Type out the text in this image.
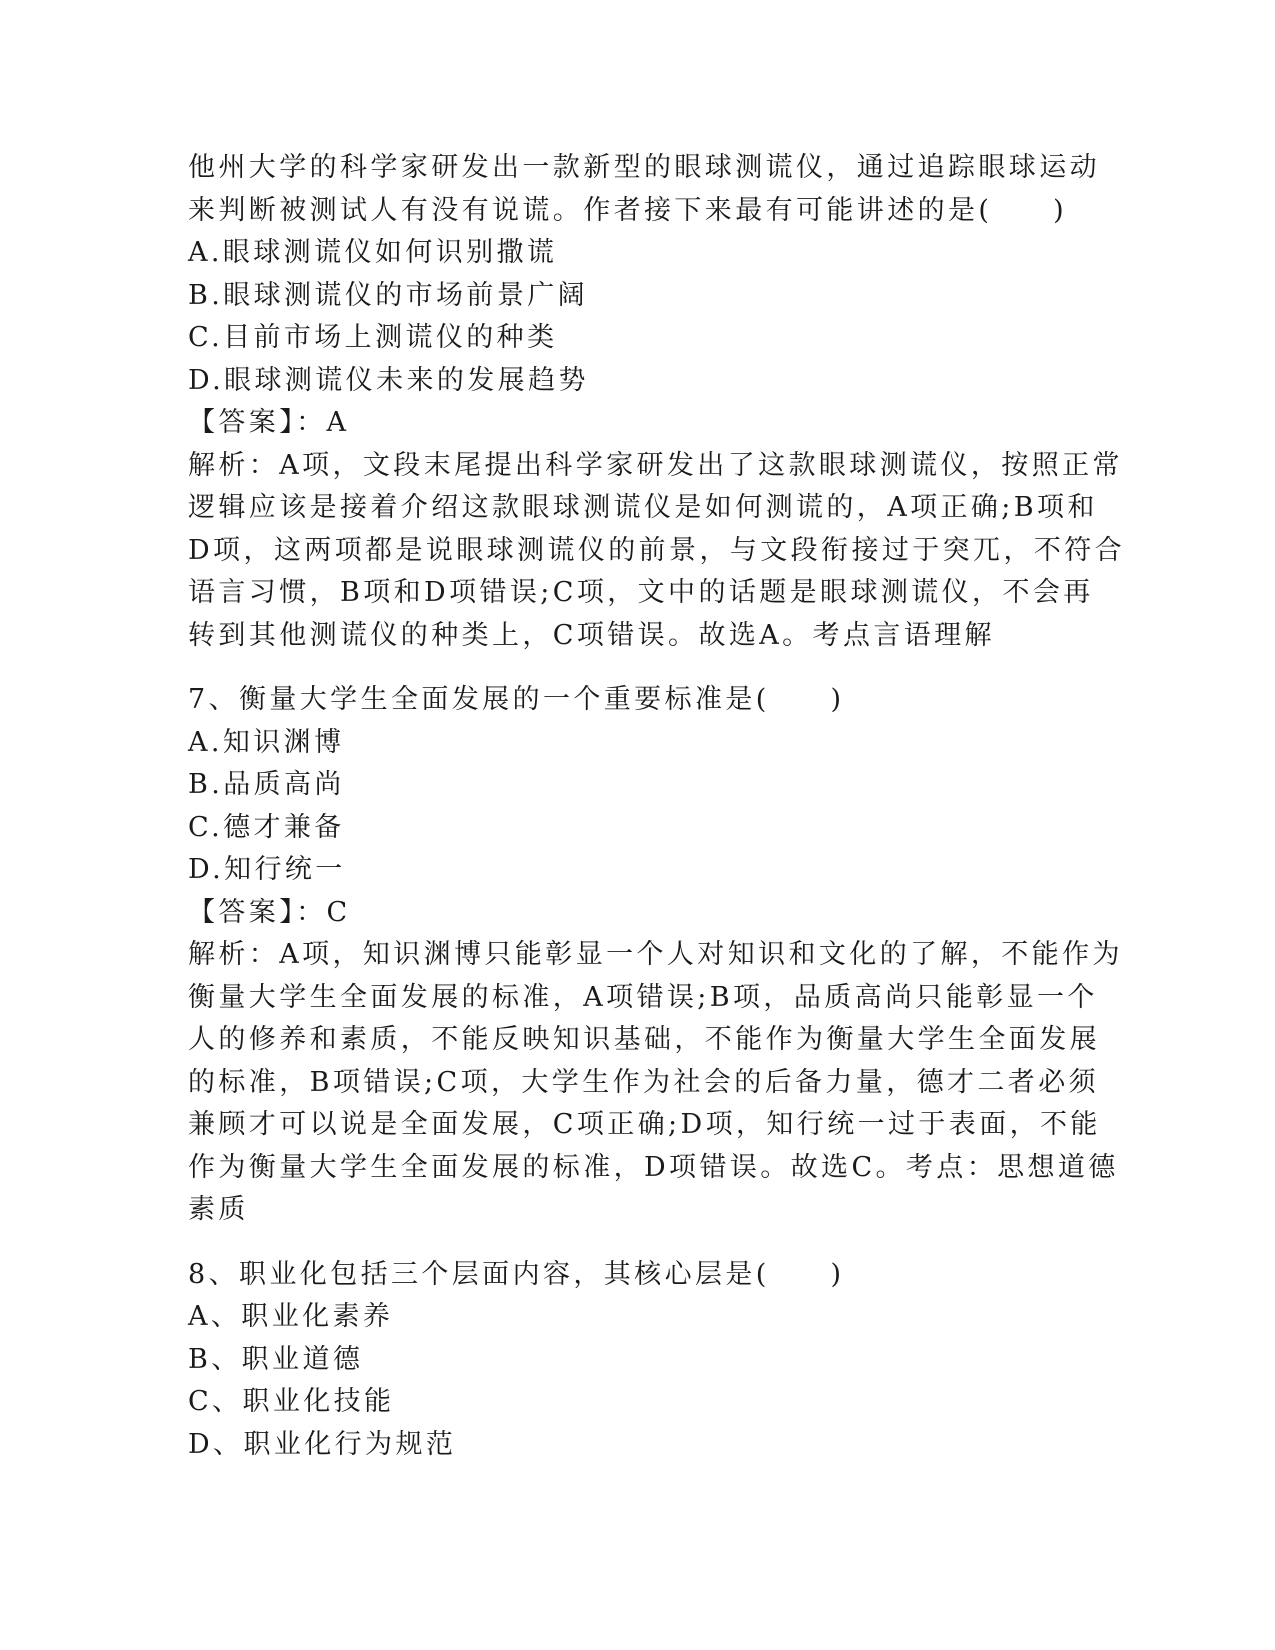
他州大学的科学家研发出一款新型的眼球测谎仪，通过追踪眼球运动
来判断被测试人有没有说谎。作者接下来最有可能讲述的是(　　)
A.眼球测谎仪如何识别撒谎
B.眼球测谎仪的市场前景广阔
C.目前市场上测谎仪的种类
D.眼球测谎仪未来的发展趋势
【答案】：A
解析：A项，文段末尾提出科学家研发出了这款眼球测谎仪，按照正常
逻辑应该是接着介绍这款眼球测谎仪是如何测谎的，A项正确;B项和
D项，这两项都是说眼球测谎仪的前景，与文段衔接过于突兀，不符合
语言习惯，B项和D项错误;C项，文中的话题是眼球测谎仪，不会再
转到其他测谎仪的种类上，C项错误。故选A。考点言语理解
7、衡量大学生全面发展的一个重要标准是(　　)
A.知识渊博
B.品质高尚
C.德才兼备
D.知行统一
【答案】：C
解析：A项，知识渊博只能彰显一个人对知识和文化的了解，不能作为
衡量大学生全面发展的标准，A项错误;B项，品质高尚只能彰显一个
人的修养和素质，不能反映知识基础，不能作为衡量大学生全面发展
的标准，B项错误;C项，大学生作为社会的后备力量，德才二者必须
兼顾才可以说是全面发展，C项正确;D项，知行统一过于表面，不能
作为衡量大学生全面发展的标准，D项错误。故选C。考点：思想道德
素质
8、职业化包括三个层面内容，其核心层是(　　)
A、职业化素养
B、职业道德
C、职业化技能
D、职业化行为规范
